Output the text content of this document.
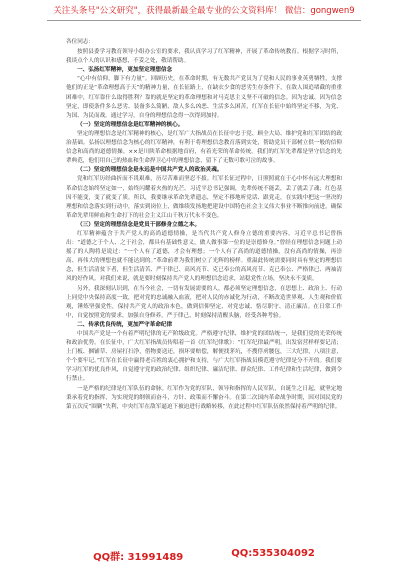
关注头条号"公文研究"，获得最新最全最专业的公文资料库！ 微信：gongwen9

各位同志：

按照县委学习教育领导小组办公室的要求，我认真学习了红军精神，开展了革命传统教育。根据学习时所，我谈点个人的认识和感想，不妥之处，敬请帮助。

一、弘扬红军精神，更加坚定理想信念

“心中有信仰，脚下有力量”。回顾历史，在革命时期，有无数共产党员为了党和人民的事业英勇牺牲，支撑他们的正是“革命理想高于天”的精神力量，在长征路上，在缺衣少食的恶劣生存条件下，在敌人围追堵截的重重困难中，红军靠什么取得胜利？靠的就是坚定的革命理想和对马克思主义坚不可破的信念。因为忠诚、因为信念坚定，即使条件多么恶劣、装备多么简陋、敌人多么凶恶、生活多么困苦，红军在长征中始终坚定不移，为党、为国、为民而战。通过学习，自身的理想信念得一次得到加持。

（一）坚定的理想信念是红军精神的核心。

坚定的理想信念是红军精神的核心，是红军广大指战员在长征中忠于党、顾全大局、维护党和红军团结的政治基础。弘扬以理想信念为核心的红军精神，有利于将理想信念教育落到实处，帮助党员干部树立供一般的信仰信念和高尚的道德情操。××是川陕革命根据地首府，有着光荣的革命传统。我们的红军先辈都是坚守信念的先辈典范，他们用自己的热血和生命捍卫心中的理想信念，留下了无数可歌可泣的故事。

（二）坚定的理想信念是永远是中国共产党人的政治灵魂。

党和红军历经曲折而不畏艰难，历尽苦难而坚忍不拔。红军长征过程中，日照照就在于心中怀有远大理想和革命信念始终坚定如一，始终闪耀着火热的光芒。习近平总书记强调，先辈传统不能丢，丢了就丢了魂；红色基因不能变，变了就变了质。所以，我要继承革命先辈遗志，坚定不移地听党话、跟党走，在实践中把这一坚决的理想和信念落实到行动中，落实到岗位上，做维续发扬地把建设中国特色社会主义伟大事业不断推向前进，确保革命先辈用鲜血和生命打下的社会主义江山千秋万代永不变色。

（三）坚定的理想信念是党员干部修身立德之本。

红军精神蕴含于共产党人的高尚道德情操，是当代共产党人修身立德的重要内容。习近平总书记曾指出：“道德之于个人、之于社会，都具有基础性意义，做人做事第一位的是崇德修身。”曾经在理想信念问题上动摇了的人陶将是说过：“一个人有了道德，才会有理想；一个人有了高尚的道德情操，没有高尚的情操，再崇高、再伟大的理想也就不能达到的。”革命前辈为我们树立了光辉的榜样。重温此传统需要同时具有坚定的理想信念，但生活清贫下者，但生活清苦、严于律已、高风亮节、克已奉公的高风亮节、克已奉公、严格律已、两袖清风的好作风。对我们来说，就是要时刻保持共产党人的理想信念追求，站稳党性立场，坚决永不变质。

另外，我深刻认识到，在当今社会，一切有发展需要的人，都必须坚定理想信念，在思想上、政治上、行动上同党中央保持高度一致，把对党的忠诚融入血液，把对人民的赤诚化为行动，不断改造世界观、人生观和价值观，锤炼坚强党性，保持共产党人的政治本色，做到信仰坚定、对党忠诚、恪尽职守、清正廉洁。在日常工作中，自觉按照党的要求，加强自身修养，严于律己，时刻保持清醒头脑，经受各种考验。

二、传承优良传统，更加严守革命纪律

中国共产党是一个有着严明纪律的无产阶级政党。严格遵守纪律，维护党的团结统一，是我们党的光荣传统和政治优势。在长征中，广大红军指战员传唱着一首《红军纪律歌》：“红军纪律最严明，出发宿营样样要记清；上门板、捆铺草、房屋打扫净，借物要送还，损坏要赔偿，解便找茅坑，不搜俘虏腰包，三大纪律，八项注意，个个要牢记。”红军在长征中赢得老百姓的衷心拥护和支持，与广大红军指战员模范遵守纪律是分不开的。我们要学习红军的优良作风，自觉遵守党的政治纪律、组织纪律、廉洁纪律、群众纪律、工作纪律和生活纪律，做到令行禁止。

一是严格的纪律是红军队伍的命脉。红军作为党的军队，领导和指挥的人民军队，自诞生之日起，就坚定地秉承着党的指挥，为实现党的纲领而奋斗，方针、政策而不懈奋斗。在第二次国内革命战争时期，因对国民党的第五次反“围剿”失利，中央红军在敌军逼迫下被迫进行战略转移，在此过程中红军队伍依然保持着严明的纪律。

QQ群: 31991489	QQ:535304092
